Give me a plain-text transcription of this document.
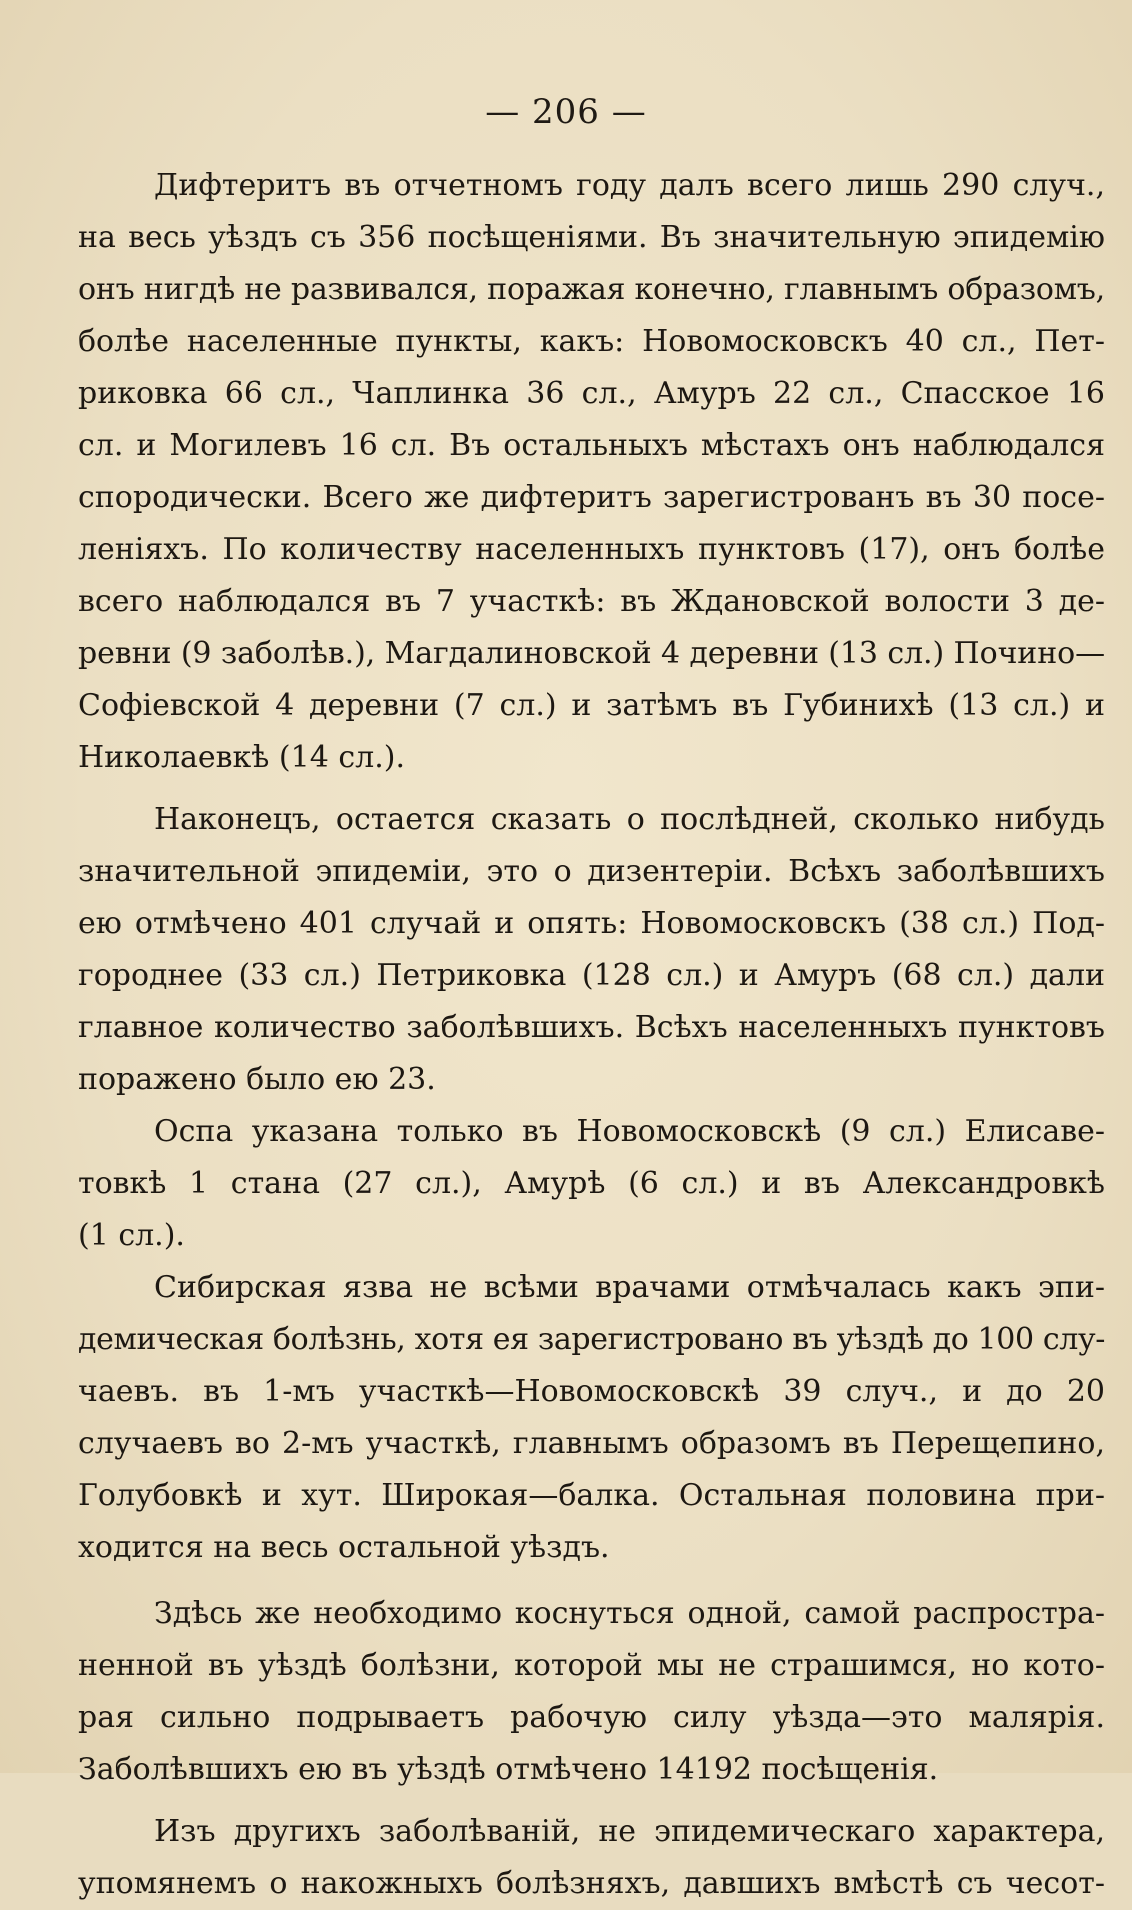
— 206 —
Дифтеритъ въ отчетномъ году далъ всего лишь 290 случ.,
на весь уѣздъ съ 356 посѣщеніями. Въ значительную эпидемію
онъ нигдѣ не развивался, поражая конечно, главнымъ образомъ,
болѣе населенные пункты, какъ: Новомосковскъ 40 сл., Пет-
риковка 66 сл., Чаплинка 36 сл., Амуръ 22 сл., Спасское 16
сл. и Могилевъ 16 сл. Въ остальныхъ мѣстахъ онъ наблюдался
спородически. Всего же дифтеритъ зарегистрованъ въ 30 посе-
леніяхъ. По количеству населенныхъ пунктовъ (17), онъ болѣе
всего наблюдался въ 7 участкѣ: въ Ждановской волости 3 де-
ревни (9 заболѣв.), Магдалиновской 4 деревни (13 сл.) Почино—
Софіевской 4 деревни (7 сл.) и затѣмъ въ Губинихѣ (13 сл.) и
Николаевкѣ (14 сл.).
Наконецъ, остается сказать о послѣдней, сколько нибудь
значительной эпидеміи, это о дизентеріи. Всѣхъ заболѣвшихъ
ею отмѣчено 401 случай и опять: Новомосковскъ (38 сл.) Под-
городнее (33 сл.) Петриковка (128 сл.) и Амуръ (68 сл.) дали
главное количество заболѣвшихъ. Всѣхъ населенныхъ пунктовъ
поражено было ею 23.
Оспа указана только въ Новомосковскѣ (9 сл.) Елисаве-
товкѣ 1 стана (27 сл.), Амурѣ (6 сл.) и въ Александровкѣ
(1 сл.).
Сибирская язва не всѣми врачами отмѣчалась какъ эпи-
демическая болѣзнь, хотя ея зарегистровано въ уѣздѣ до 100 слу-
чаевъ. въ 1-мъ участкѣ—Новомосковскѣ 39 случ., и до 20
случаевъ во 2-мъ участкѣ, главнымъ образомъ въ Перещепино,
Голубовкѣ и хут. Широкая—балка. Остальная половина при-
ходится на весь остальной уѣздъ.
Здѣсь же необходимо коснуться одной, самой распростра-
ненной въ уѣздѣ болѣзни, которой мы не страшимся, но кото-
рая сильно подрываетъ рабочую силу уѣзда—это малярія.
Заболѣвшихъ ею въ уѣздѣ отмѣчено 14192 посѣщенія.
Изъ другихъ заболѣваній, не эпидемическаго характера,
упомянемъ о накожныхъ болѣзняхъ, давшихъ вмѣстѣ съ чесот-
